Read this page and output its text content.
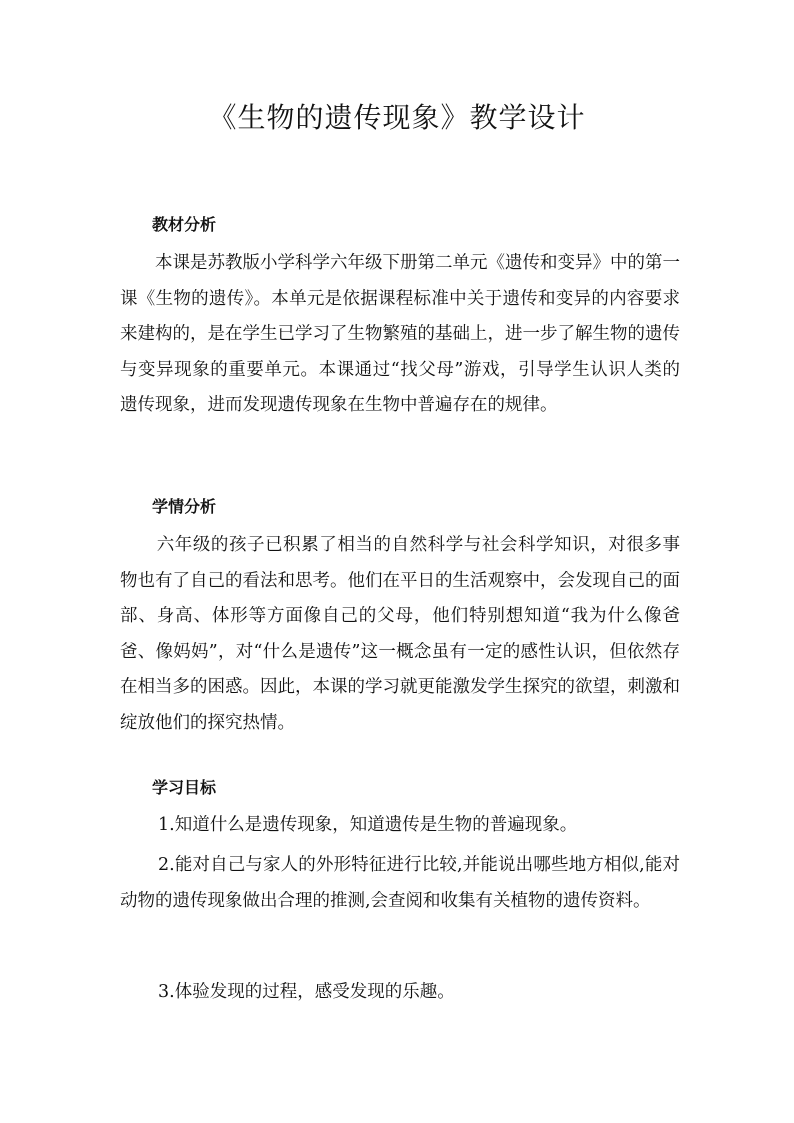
《生物的遗传现象》教学设计
教材分析

本课是苏教版小学科学六年级下册第二单元《遗传和变异》中的第一课《生物的遗传》。本单元是依据课程标准中关于遗传和变异的内容要求来建构的，是在学生已学习了生物繁殖的基础上，进一步了解生物的遗传与变异现象的重要单元。本课通过“找父母”游戏，引导学生认识人类的遗传现象，进而发现遗传现象在生物中普遍存在的规律。

学情分析

六年级的孩子已积累了相当的自然科学与社会科学知识，对很多事物也有了自己的看法和思考。他们在平日的生活观察中，会发现自己的面部、身高、体形等方面像自己的父母，他们特别想知道“我为什么像爸爸、像妈妈”，对“什么是遗传”这一概念虽有一定的感性认识，但依然存在相当多的困惑。因此，本课的学习就更能激发学生探究的欲望，刺激和绽放他们的探究热情。

学习目标

1.知道什么是遗传现象，知道遗传是生物的普遍现象。

2.能对自己与家人的外形特征进行比较,并能说出哪些地方相似,能对动物的遗传现象做出合理的推测,会查阅和收集有关植物的遗传资料。

3.体验发现的过程，感受发现的乐趣。
